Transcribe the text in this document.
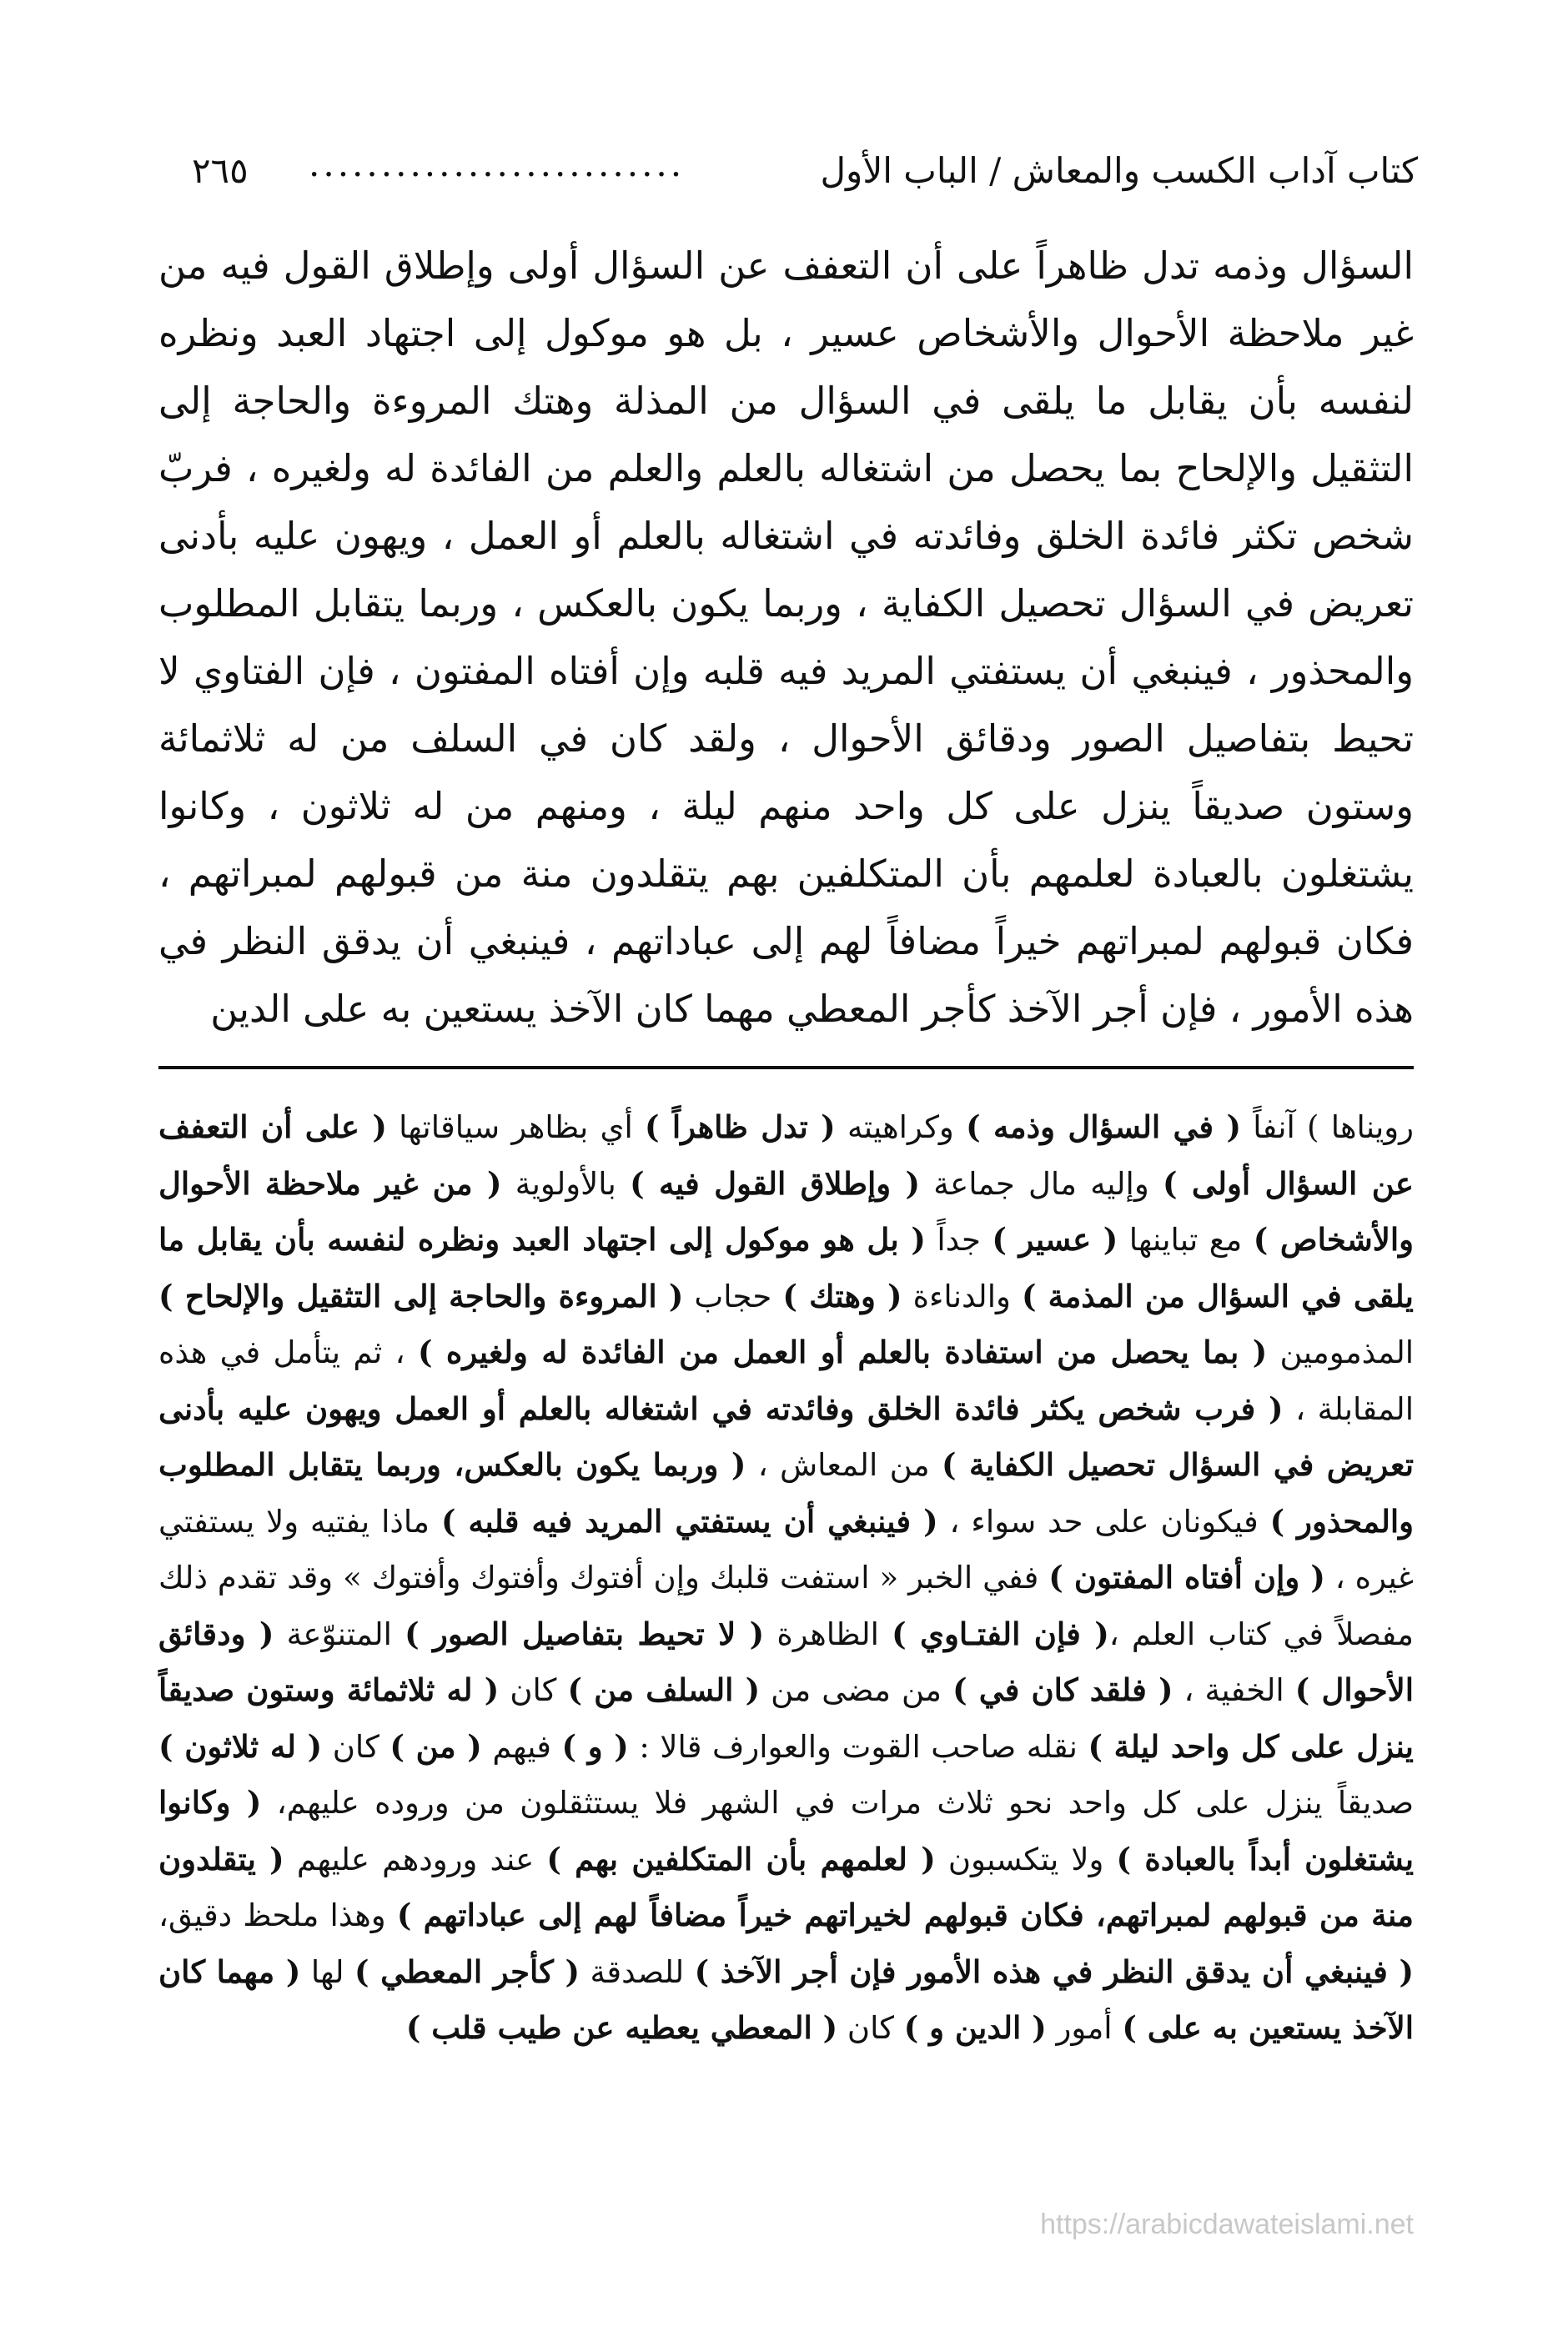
كتاب آداب الكسب والمعاش / الباب الأول
..........................
٢٦٥

السؤال وذمه تدل ظاهراً على أن التعفف عن السؤال أولى وإطلاق القول فيه من غير ملاحظة الأحوال والأشخاص عسير ، بل هو موكول إلى اجتهاد العبد ونظره لنفسه بأن يقابل ما يلقى في السؤال من المذلة وهتك المروءة والحاجة إلى التثقيل والإلحاح بما يحصل من اشتغاله بالعلم والعلم من الفائدة له ولغيره ، فربّ شخص تكثر فائدة الخلق وفائدته في اشتغاله بالعلم أو العمل ، ويهون عليه بأدنى تعريض في السؤال تحصيل الكفاية ، وربما يكون بالعكس ، وربما يتقابل المطلوب والمحذور ، فينبغي أن يستفتي المريد فيه قلبه وإن أفتاه المفتون ، فإن الفتاوي لا تحيط بتفاصيل الصور ودقائق الأحوال ، ولقد كان في السلف من له ثلاثمائة وستون صديقاً ينزل على كل واحد منهم ليلة ، ومنهم من له ثلاثون ، وكانوا يشتغلون بالعبادة لعلمهم بأن المتكلفين بهم يتقلدون منة من قبولهم لمبراتهم ، فكان قبولهم لمبراتهم خيراً مضافاً لهم إلى عباداتهم ، فينبغي أن يدقق النظر في هذه الأمور ، فإن أجر الآخذ كأجر المعطي مهما كان الآخذ يستعين به على الدين

رويناها ) آنفاً ( في السؤال وذمه ) وكراهيته ( تدل ظاهراً ) أي بظاهر سياقاتها ( على أن التعفف عن السؤال أولى ) وإليه مال جماعة ( وإطلاق القول فيه ) بالأولوية ( من غير ملاحظة الأحوال والأشخاص ) مع تباينها ( عسير ) جداً ( بل هو موكول إلى اجتهاد العبد ونظره لنفسه بأن يقابل ما يلقى في السؤال من المذمة ) والدناءة ( وهتك ) حجاب ( المروءة والحاجة إلى التثقيل والإلحاح ) المذمومين ( بما يحصل من استفادة بالعلم أو العمل من الفائدة له ولغيره ) ، ثم يتأمل في هذه المقابلة ، ( فرب شخص يكثر فائدة الخلق وفائدته في اشتغاله بالعلم أو العمل ويهون عليه بأدنى تعريض في السؤال تحصيل الكفاية ) من المعاش ، ( وربما يكون بالعكس، وربما يتقابل المطلوب والمحذور ) فيكونان على حد سواء ، ( فينبغي أن يستفتي المريد فيه قلبه ) ماذا يفتيه ولا يستفتي غيره ، ( وإن أفتاه المفتون ) ففي الخبر « استفت قلبك وإن أفتوك وأفتوك وأفتوك » وقد تقدم ذلك مفصلاً في كتاب العلم ،( فإن الفتـاوي ) الظاهرة ( لا تحيط بتفاصيل الصور ) المتنوّعة ( ودقائق الأحوال ) الخفية ، ( فلقد كان في ) من مضى من ( السلف من ) كان ( له ثلاثمائة وستون صديقاً ينزل على كل واحد ليلة ) نقله صاحب القوت والعوارف قالا : ( و ) فيهم ( من ) كان ( له ثلاثون ) صديقاً ينزل على كل واحد نحو ثلاث مرات في الشهر فلا يستثقلون من وروده عليهم، ( وكانوا يشتغلون أبداً بالعبادة ) ولا يتكسبون ( لعلمهم بأن المتكلفين بهم ) عند ورودهم عليهم ( يتقلدون منة من قبولهم لمبراتهم، فكان قبولهم لخيراتهم خيراً مضافاً لهم إلى عباداتهم ) وهذا ملحظ دقيق، ( فينبغي أن يدقق النظر في هذه الأمور فإن أجر الآخذ ) للصدقة ( كأجر المعطي ) لها ( مهما كان الآخذ يستعين به على ) أمور ( الدين و ) كان ( المعطي يعطيه عن طيب قلب )

https://arabicdawateislami.net
